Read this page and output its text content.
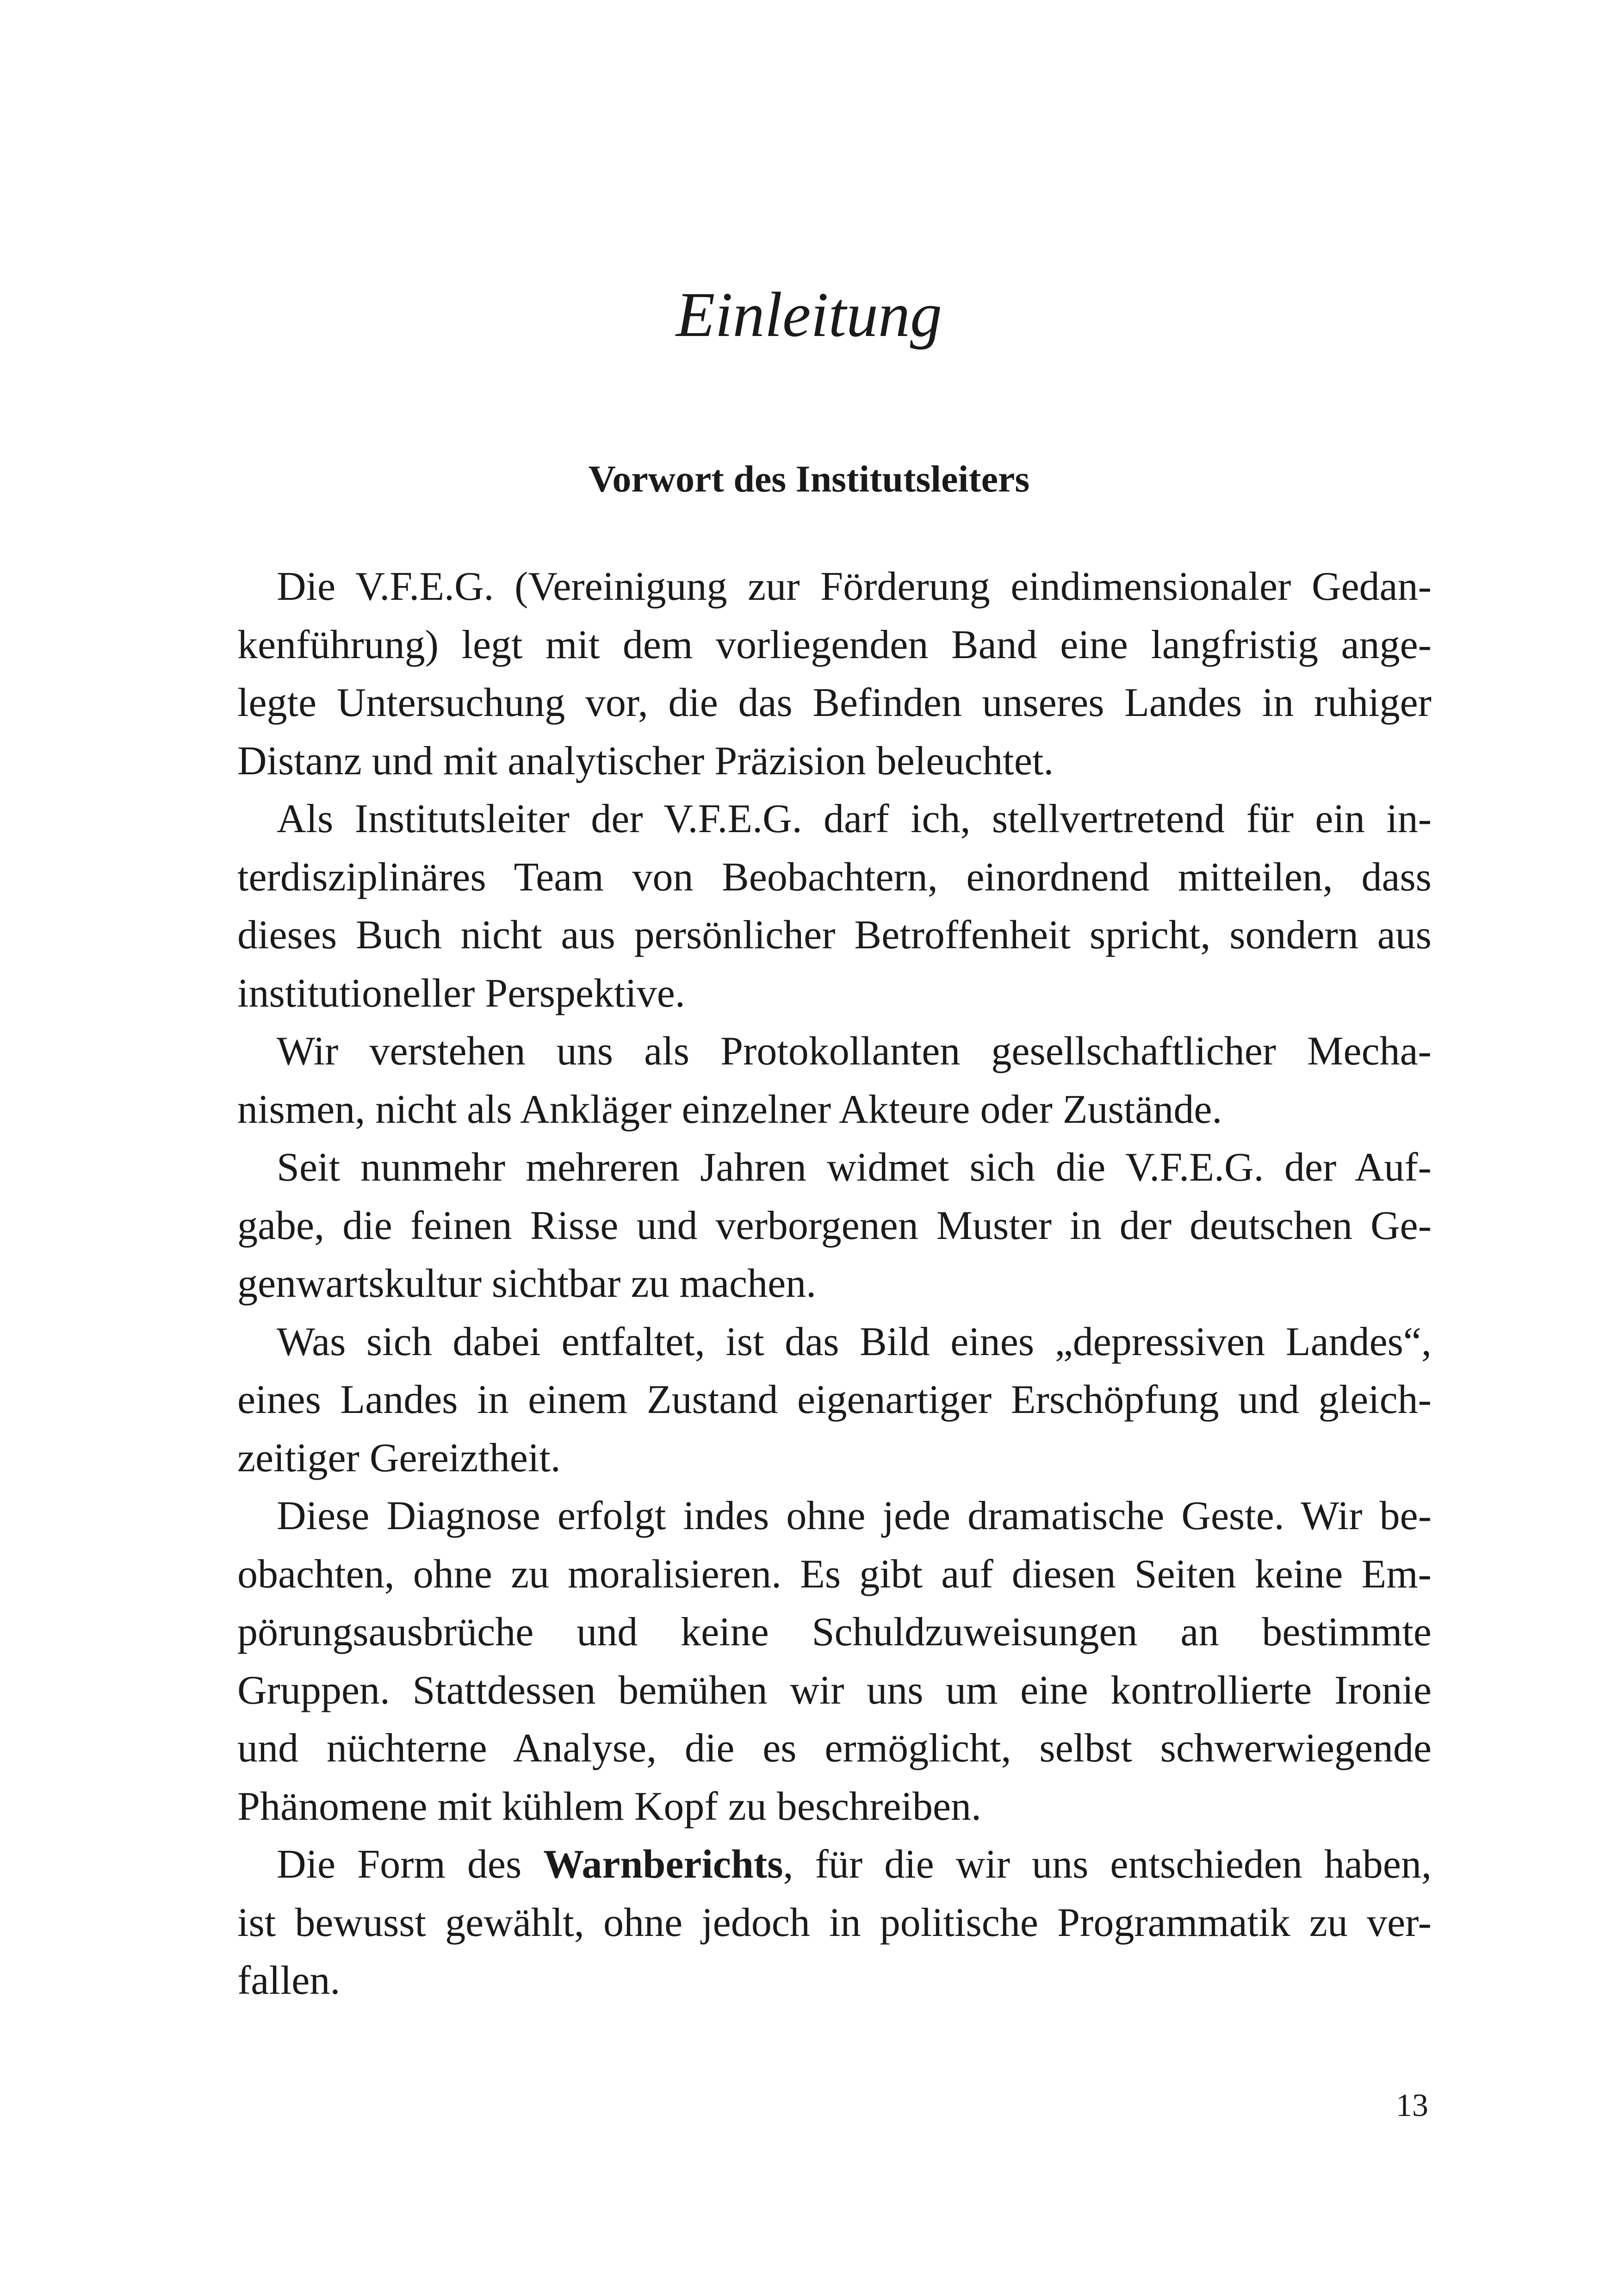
Einleitung
Vorwort des Institutsleiters
Die V.F.E.G. (Vereinigung zur Förderung eindimensionaler Gedan-
kenführung) legt mit dem vorliegenden Band eine langfristig ange-
legte Untersuchung vor, die das Befinden unseres Landes in ruhiger
Distanz und mit analytischer Präzision beleuchtet.
Als Institutsleiter der V.F.E.G. darf ich, stellvertretend für ein in-
terdisziplinäres Team von Beobachtern, einordnend mitteilen, dass
dieses Buch nicht aus persönlicher Betroffenheit spricht, sondern aus
institutioneller Perspektive.
Wir verstehen uns als Protokollanten gesellschaftlicher Mecha-
nismen, nicht als Ankläger einzelner Akteure oder Zustände.
Seit nunmehr mehreren Jahren widmet sich die V.F.E.G. der Auf-
gabe, die feinen Risse und verborgenen Muster in der deutschen Ge-
genwartskultur sichtbar zu machen.
Was sich dabei entfaltet, ist das Bild eines „depressiven Landes“,
eines Landes in einem Zustand eigenartiger Erschöpfung und gleich-
zeitiger Gereiztheit.
Diese Diagnose erfolgt indes ohne jede dramatische Geste. Wir be-
obachten, ohne zu moralisieren. Es gibt auf diesen Seiten keine Em-
pörungsausbrüche und keine Schuldzuweisungen an bestimmte
Gruppen. Stattdessen bemühen wir uns um eine kontrollierte Ironie
und nüchterne Analyse, die es ermöglicht, selbst schwerwiegende
Phänomene mit kühlem Kopf zu beschreiben.
Die Form des Warnberichts, für die wir uns entschieden haben,
ist bewusst gewählt, ohne jedoch in politische Programmatik zu ver-
fallen.
13
